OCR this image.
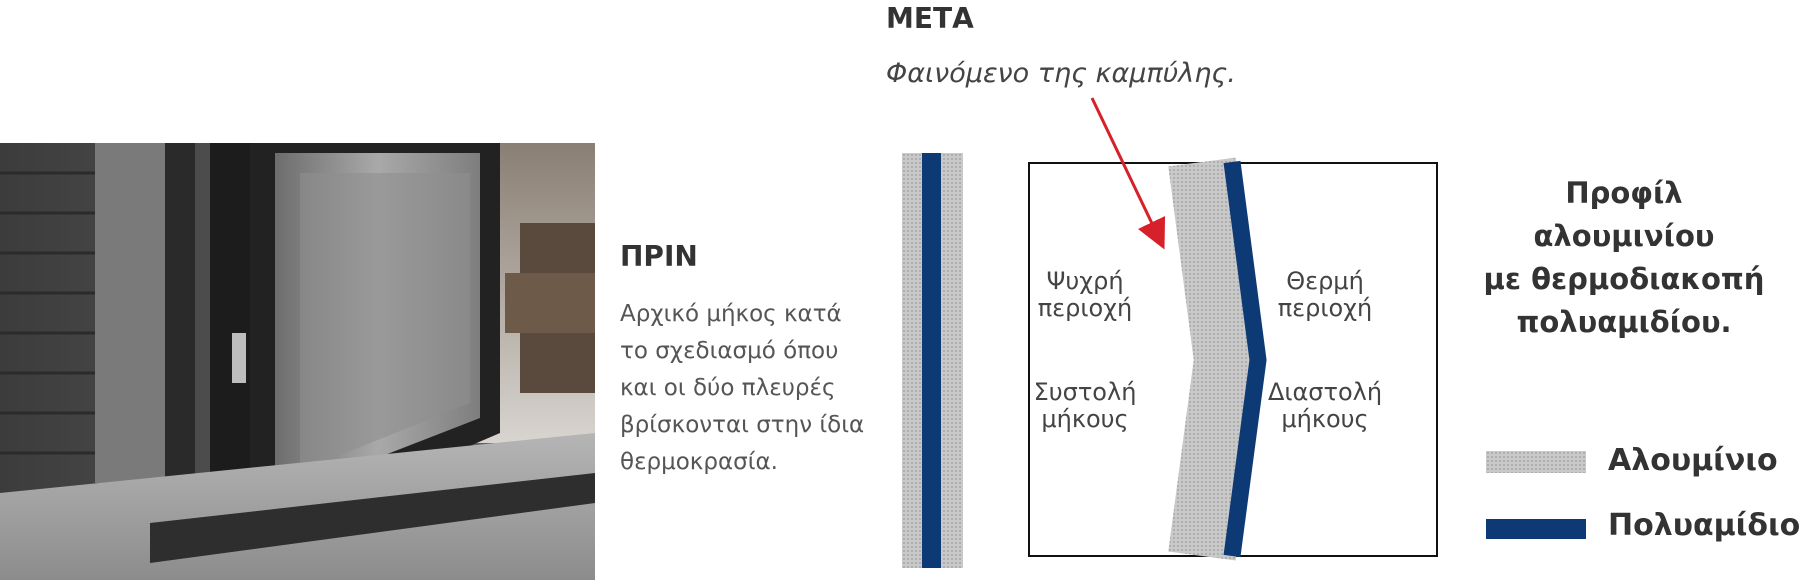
ΠΡΙΝ
Αρχικό μήκος κατά
το σχεδιασμό όπου
και οι δύο πλευρές
βρίσκονται στην ίδια
θερμοκρασία.
ΜΕΤΑ
Φαινόμενο της καμπύλης.
Ψυχρή
περιοχή
Θερμή
περιοχή
Συστολή
μήκους
Διαστολή
μήκους
Προφίλ αλουμινίου
με θερμοδιακοπή
πολυαμιδίου.
Αλουμίνιο
Πολυαμίδιο
